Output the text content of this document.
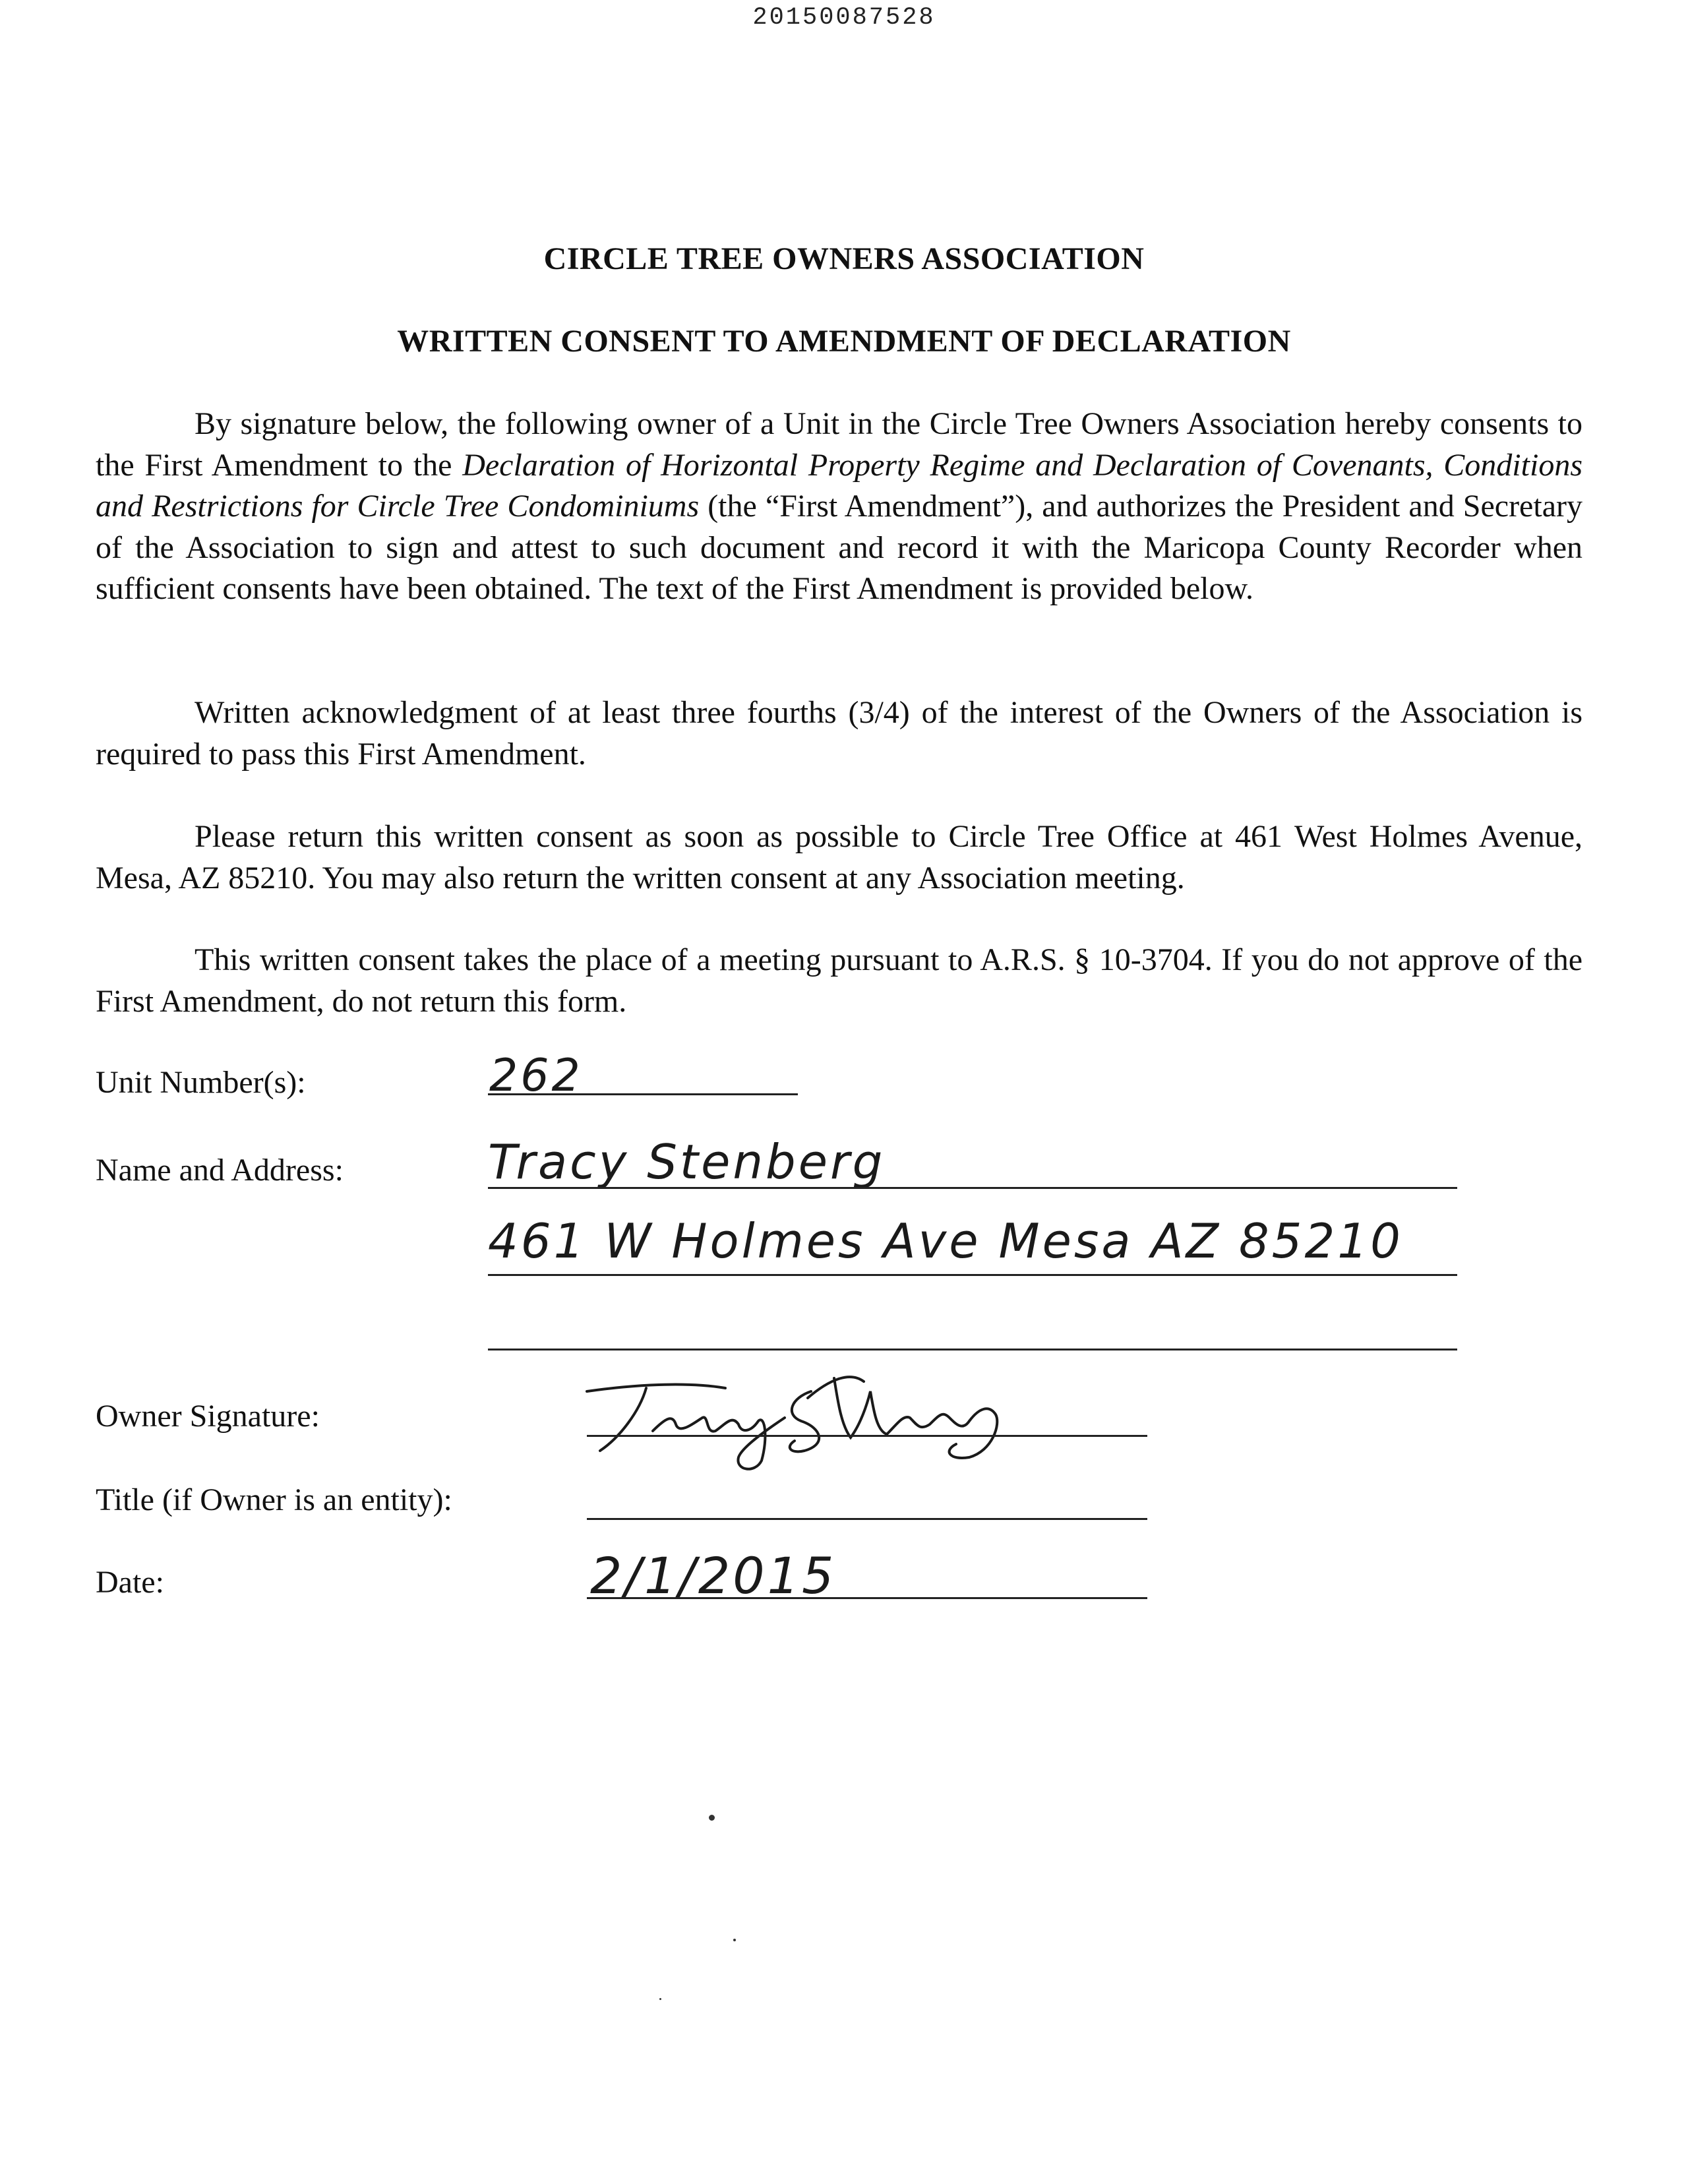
20150087528
CIRCLE TREE OWNERS ASSOCIATION
WRITTEN CONSENT TO AMENDMENT OF DECLARATION

By signature below, the following owner of a Unit in the Circle Tree Owners Association hereby consents to the First Amendment to the Declaration of Horizontal Property Regime and Declaration of Covenants, Conditions and Restrictions for Circle Tree Condominiums (the “First Amendment”), and authorizes the President and Secretary of the Association to sign and attest to such document and record it with the Maricopa County Recorder when sufficient consents have been obtained. The text of the First Amendment is provided below.

Written acknowledgment of at least three fourths (3/4) of the interest of the Owners of the Association is required to pass this First Amendment.

Please return this written consent as soon as possible to Circle Tree Office at 461 West Holmes Avenue, Mesa, AZ 85210. You may also return the written consent at any Association meeting.

This written consent takes the place of a meeting pursuant to A.R.S. § 10-3704. If you do not approve of the First Amendment, do not return this form.

Unit Number(s):	262
Name and Address:	Tracy Stenberg
461 W Holmes Ave Mesa AZ 85210
Owner Signature:
Title (if Owner is an entity):
Date:	2/1/2015
